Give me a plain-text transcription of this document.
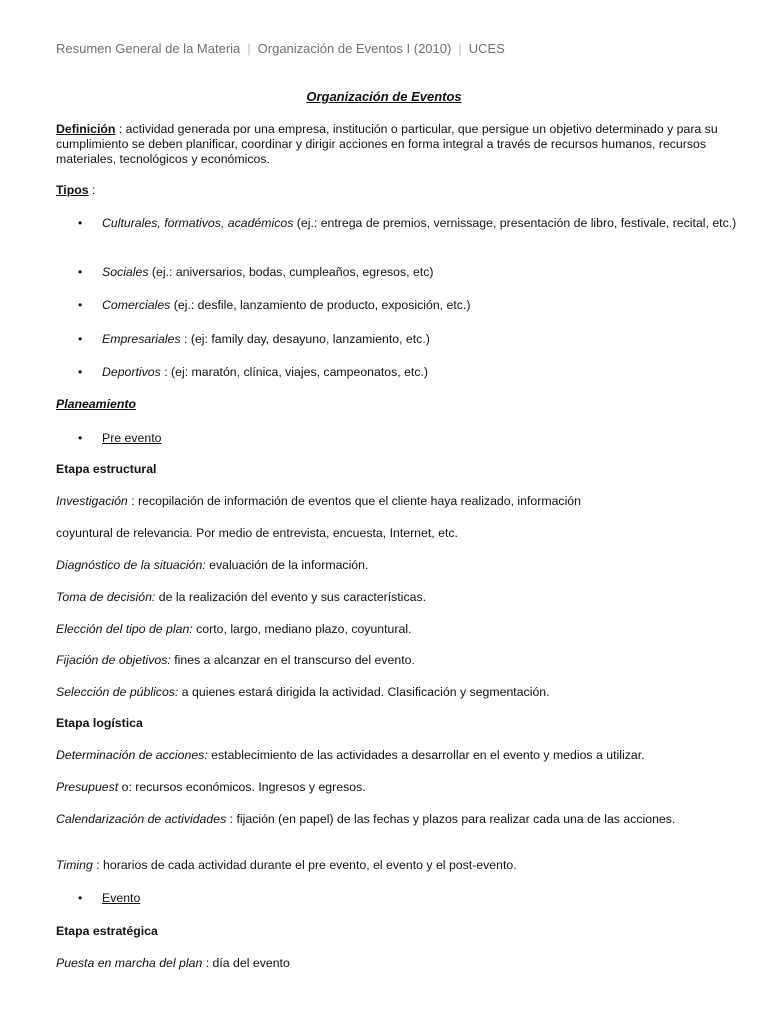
Resumen General de la Materia | Organización de Eventos I (2010) | UCES
Organización de Eventos
Definición : actividad generada por una empresa, institución o particular, que persigue un objetivo determinado y para su cumplimiento se deben planificar, coordinar y dirigir acciones en forma integral a través de recursos humanos, recursos materiales, tecnológicos y económicos.
Tipos :
• Culturales, formativos, académicos (ej.: entrega de premios, vernissage, presentación de libro, festivale, recital, etc.)
• Sociales (ej.: aniversarios, bodas, cumpleaños, egresos, etc)
• Comerciales (ej.: desfile, lanzamiento de producto, exposición, etc.)
• Empresariales : (ej: family day, desayuno, lanzamiento, etc.)
• Deportivos : (ej: maratón, clínica, viajes, campeonatos, etc.)
Planeamiento
• Pre evento
Etapa estructural
Investigación : recopilación de información de eventos que el cliente haya realizado, información
coyuntural de relevancia. Por medio de entrevista, encuesta, Internet, etc.
Diagnóstico de la situación: evaluación de la información.
Toma de decisión: de la realización del evento y sus características.
Elección del tipo de plan: corto, largo, mediano plazo, coyuntural.
Fijación de objetivos: fines a alcanzar en el transcurso del evento.
Selección de públicos: a quienes estará dirigida la actividad. Clasificación y segmentación.
Etapa logística
Determinación de acciones: establecimiento de las actividades a desarrollar en el evento y medios a utilizar.
Presupuest o: recursos económicos. Ingresos y egresos.
Calendarización de actividades : fijación (en papel) de las fechas y plazos para realizar cada una de las acciones.
Timing : horarios de cada actividad durante el pre evento, el evento y el post-evento.
• Evento
Etapa estratégica
Puesta en marcha del plan : día del evento
